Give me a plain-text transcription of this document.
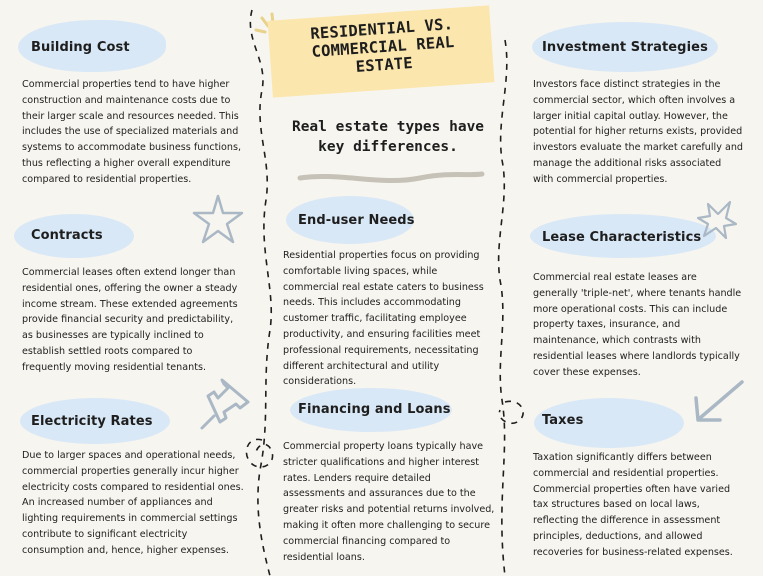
RESIDENTIAL VS. COMMERCIAL REAL ESTATE
Real estate types have key differences.
Building Cost

Commercial properties tend to have higher construction and maintenance costs due to their larger scale and resources needed. This includes the use of specialized materials and systems to accommodate business functions, thus reflecting a higher overall expenditure compared to residential properties.

Contracts

Commercial leases often extend longer than residential ones, offering the owner a steady income stream. These extended agreements provide financial security and predictability, as businesses are typically inclined to establish settled roots compared to frequently moving residential tenants.

Electricity Rates

Due to larger spaces and operational needs, commercial properties generally incur higher electricity costs compared to residential ones. An increased number of appliances and lighting requirements in commercial settings contribute to significant electricity consumption and, hence, higher expenses.

End-user Needs

Residential properties focus on providing comfortable living spaces, while commercial real estate caters to business needs. This includes accommodating customer traffic, facilitating employee productivity, and ensuring facilities meet professional requirements, necessitating different architectural and utility considerations.

Financing and Loans

Commercial property loans typically have stricter qualifications and higher interest rates. Lenders require detailed assessments and assurances due to the greater risks and potential returns involved, making it often more challenging to secure commercial financing compared to residential loans.

Investment Strategies

Investors face distinct strategies in the commercial sector, which often involves a larger initial capital outlay. However, the potential for higher returns exists, provided investors evaluate the market carefully and manage the additional risks associated with commercial properties.

Lease Characteristics

Commercial real estate leases are generally 'triple-net', where tenants handle more operational costs. This can include property taxes, insurance, and maintenance, which contrasts with residential leases where landlords typically cover these expenses.

Taxes

Taxation significantly differs between commercial and residential properties. Commercial properties often have varied tax structures based on local laws, reflecting the difference in assessment principles, deductions, and allowed recoveries for business-related expenses.
